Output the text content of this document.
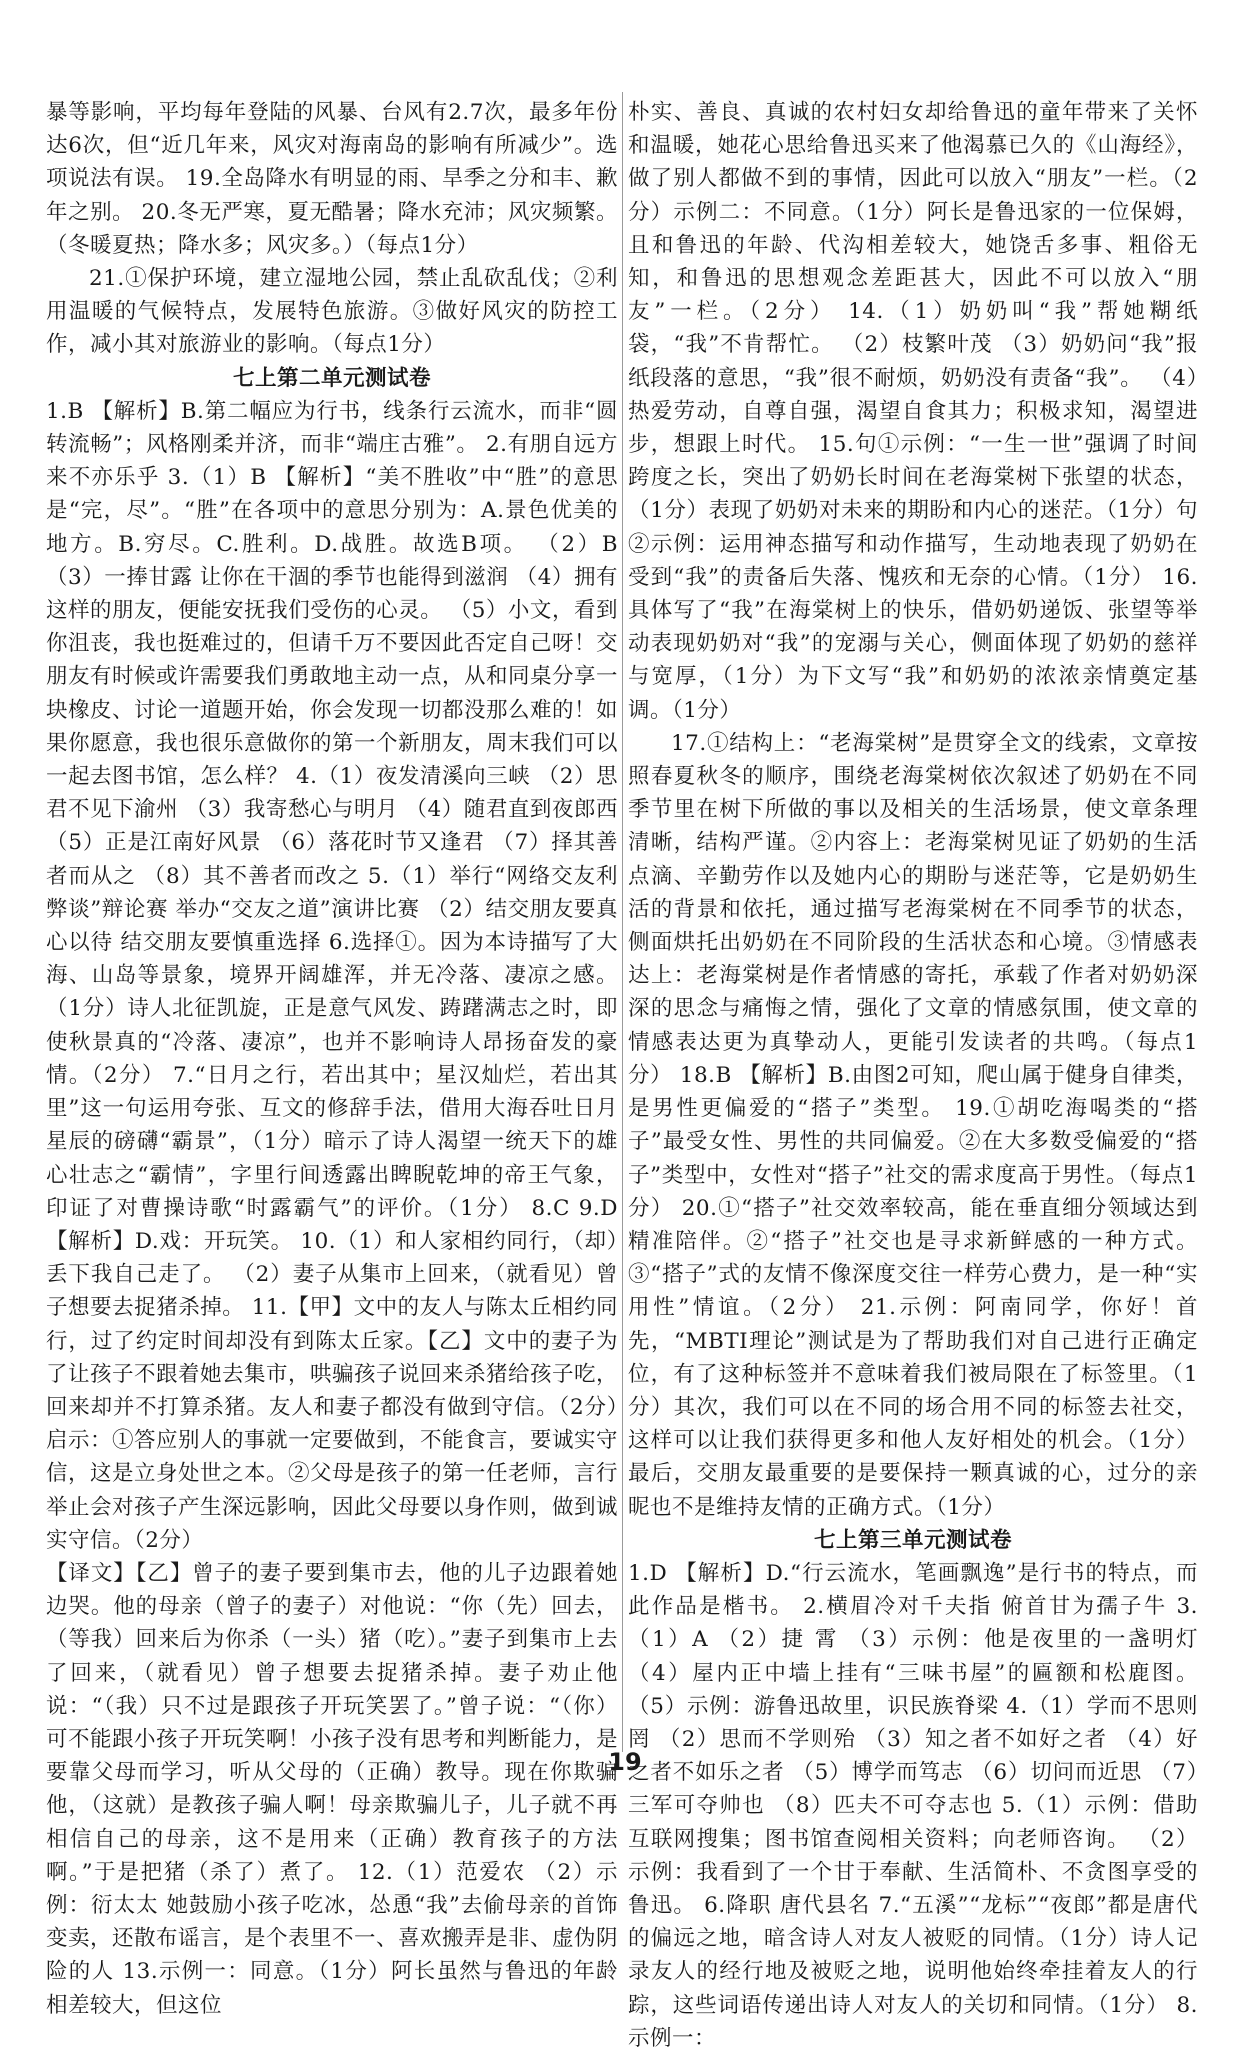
暴等影响，平均每年登陆的风暴、台风有2.7次，最多年份达6次，但“近几年来，风灾对海南岛的影响有所减少”。选项说法有误。 19.全岛降水有明显的雨、旱季之分和丰、歉年之别。 20.冬无严寒，夏无酷暑；降水充沛；风灾频繁。（冬暖夏热；降水多；风灾多。）（每点1分）

21.①保护环境，建立湿地公园，禁止乱砍乱伐；②利用温暖的气候特点，发展特色旅游。③做好风灾的防控工作，减小其对旅游业的影响。（每点1分）

七上第二单元测试卷

1.B 【解析】B.第二幅应为行书，线条行云流水，而非“圆转流畅”；风格刚柔并济，而非“端庄古雅”。 2.有朋自远方 来不亦乐乎 3.（1）B 【解析】“美不胜收”中“胜”的意思是“完，尽”。“胜”在各项中的意思分别为：A.景色优美的地方。B.穷尽。C.胜利。D.战胜。故选B项。 （2）B （3）一捧甘露 让你在干涸的季节也能得到滋润 （4）拥有这样的朋友，便能安抚我们受伤的心灵。 （5）小文，看到你沮丧，我也挺难过的，但请千万不要因此否定自己呀！交朋友有时候或许需要我们勇敢地主动一点，从和同桌分享一块橡皮、讨论一道题开始，你会发现一切都没那么难的！如果你愿意，我也很乐意做你的第一个新朋友，周末我们可以一起去图书馆，怎么样？ 4.（1）夜发清溪向三峡 （2）思君不见下渝州 （3）我寄愁心与明月 （4）随君直到夜郎西 （5）正是江南好风景 （6）落花时节又逢君 （7）择其善者而从之 （8）其不善者而改之 5.（1）举行“网络交友利弊谈”辩论赛 举办“交友之道”演讲比赛 （2）结交朋友要真心以待 结交朋友要慎重选择 6.选择①。因为本诗描写了大海、山岛等景象，境界开阔雄浑，并无冷落、凄凉之感。（1分）诗人北征凯旋，正是意气风发、踌躇满志之时，即使秋景真的“冷落、凄凉”，也并不影响诗人昂扬奋发的豪情。（2分） 7.“日月之行，若出其中；星汉灿烂，若出其里”这一句运用夸张、互文的修辞手法，借用大海吞吐日月星辰的磅礴“霸景”，（1分）暗示了诗人渴望一统天下的雄心壮志之“霸情”，字里行间透露出睥睨乾坤的帝王气象，印证了对曹操诗歌“时露霸气”的评价。（1分） 8.C 9.D 【解析】D.戏：开玩笑。 10.（1）和人家相约同行，（却）丢下我自己走了。 （2）妻子从集市上回来，（就看见）曾子想要去捉猪杀掉。 11.【甲】文中的友人与陈太丘相约同行，过了约定时间却没有到陈太丘家。【乙】文中的妻子为了让孩子不跟着她去集市，哄骗孩子说回来杀猪给孩子吃，回来却并不打算杀猪。友人和妻子都没有做到守信。（2分）启示：①答应别人的事就一定要做到，不能食言，要诚实守信，这是立身处世之本。②父母是孩子的第一任老师，言行举止会对孩子产生深远影响，因此父母要以身作则，做到诚实守信。（2分）

【译文】【乙】曾子的妻子要到集市去，他的儿子边跟着她边哭。他的母亲（曾子的妻子）对他说：“你（先）回去，（等我）回来后为你杀（一头）猪（吃）。”妻子到集市上去了回来，（就看见）曾子想要去捉猪杀掉。妻子劝止他说：“（我）只不过是跟孩子开玩笑罢了。”曾子说：“（你）可不能跟小孩子开玩笑啊！小孩子没有思考和判断能力，是要靠父母而学习，听从父母的（正确）教导。现在你欺骗他，（这就）是教孩子骗人啊！母亲欺骗儿子，儿子就不再相信自己的母亲，这不是用来（正确）教育孩子的方法啊。”于是把猪（杀了）煮了。 12.（1）范爱农 （2）示例：衍太太 她鼓励小孩子吃冰，怂恿“我”去偷母亲的首饰变卖，还散布谣言，是个表里不一、喜欢搬弄是非、虚伪阴险的人 13.示例一：同意。（1分）阿长虽然与鲁迅的年龄相差较大，但这位

朴实、善良、真诚的农村妇女却给鲁迅的童年带来了关怀和温暖，她花心思给鲁迅买来了他渴慕已久的《山海经》，做了别人都做不到的事情，因此可以放入“朋友”一栏。（2分）示例二：不同意。（1分）阿长是鲁迅家的一位保姆，且和鲁迅的年龄、代沟相差较大，她饶舌多事、粗俗无知，和鲁迅的思想观念差距甚大，因此不可以放入“朋友”一栏。（2分） 14.（1）奶奶叫“我”帮她糊纸袋，“我”不肯帮忙。 （2）枝繁叶茂 （3）奶奶问“我”报纸段落的意思，“我”很不耐烦，奶奶没有责备“我”。 （4）热爱劳动，自尊自强，渴望自食其力；积极求知，渴望进步，想跟上时代。 15.句①示例：“一生一世”强调了时间跨度之长，突出了奶奶长时间在老海棠树下张望的状态，（1分）表现了奶奶对未来的期盼和内心的迷茫。（1分）句②示例：运用神态描写和动作描写，生动地表现了奶奶在受到“我”的责备后失落、愧疚和无奈的心情。（1分） 16.具体写了“我”在海棠树上的快乐，借奶奶递饭、张望等举动表现奶奶对“我”的宠溺与关心，侧面体现了奶奶的慈祥与宽厚，（1分）为下文写“我”和奶奶的浓浓亲情奠定基调。（1分）

17.①结构上：“老海棠树”是贯穿全文的线索，文章按照春夏秋冬的顺序，围绕老海棠树依次叙述了奶奶在不同季节里在树下所做的事以及相关的生活场景，使文章条理清晰，结构严谨。②内容上：老海棠树见证了奶奶的生活点滴、辛勤劳作以及她内心的期盼与迷茫等，它是奶奶生活的背景和依托，通过描写老海棠树在不同季节的状态，侧面烘托出奶奶在不同阶段的生活状态和心境。③情感表达上：老海棠树是作者情感的寄托，承载了作者对奶奶深深的思念与痛悔之情，强化了文章的情感氛围，使文章的情感表达更为真挚动人，更能引发读者的共鸣。（每点1分） 18.B 【解析】B.由图2可知，爬山属于健身自律类，是男性更偏爱的“搭子”类型。 19.①胡吃海喝类的“搭子”最受女性、男性的共同偏爱。②在大多数受偏爱的“搭子”类型中，女性对“搭子”社交的需求度高于男性。（每点1分） 20.①“搭子”社交效率较高，能在垂直细分领域达到精准陪伴。②“搭子”社交也是寻求新鲜感的一种方式。③“搭子”式的友情不像深度交往一样劳心费力，是一种“实用性”情谊。（2分） 21.示例：阿南同学，你好！首先，“MBTI理论”测试是为了帮助我们对自己进行正确定位，有了这种标签并不意味着我们被局限在了标签里。（1分）其次，我们可以在不同的场合用不同的标签去社交，这样可以让我们获得更多和他人友好相处的机会。（1分）最后，交朋友最重要的是要保持一颗真诚的心，过分的亲昵也不是维持友情的正确方式。（1分）

七上第三单元测试卷

1.D 【解析】D.“行云流水，笔画飘逸”是行书的特点，而此作品是楷书。 2.横眉冷对千夫指 俯首甘为孺子牛 3.（1）A （2）捷 霄 （3）示例：他是夜里的一盏明灯 （4）屋内正中墙上挂有“三味书屋”的匾额和松鹿图。 （5）示例：游鲁迅故里，识民族脊梁 4.（1）学而不思则罔 （2）思而不学则殆 （3）知之者不如好之者 （4）好之者不如乐之者 （5）博学而笃志 （6）切问而近思 （7）三军可夺帅也 （8）匹夫不可夺志也 5.（1）示例：借助互联网搜集；图书馆查阅相关资料；向老师咨询。 （2）示例：我看到了一个甘于奉献、生活简朴、不贪图享受的鲁迅。 6.降职 唐代县名 7.“五溪”“龙标”“夜郎”都是唐代的偏远之地，暗含诗人对友人被贬的同情。（1分）诗人记录友人的经行地及被贬之地，说明他始终牵挂着友人的行踪，这些词语传递出诗人对友人的关切和同情。（1分） 8.示例一：

19
